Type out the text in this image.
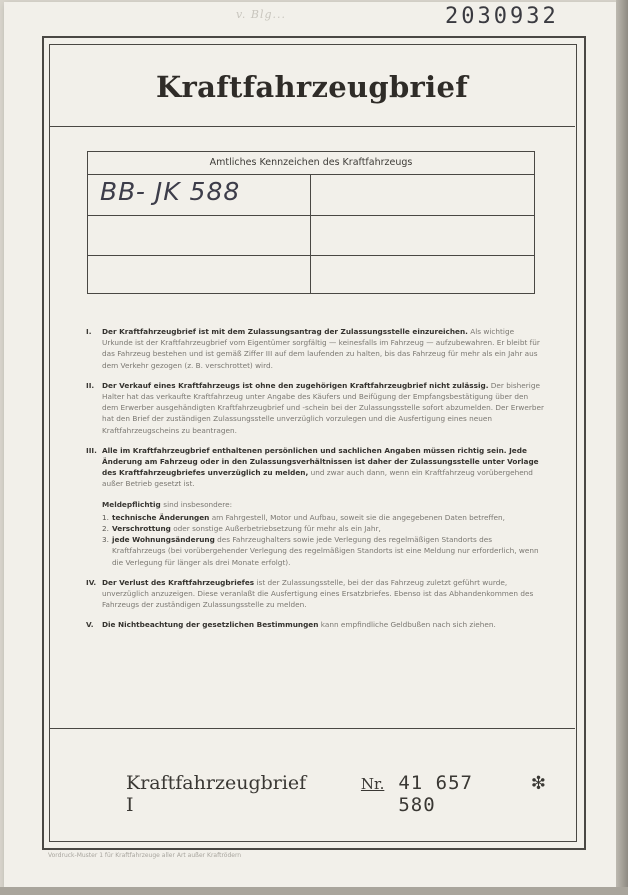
v. Blg...	2030932
Kraftfahrzeugbrief
Amtliches Kennzeichen des Kraftfahrzeugs
BB- JK 588

I. Der Kraftfahrzeugbrief ist mit dem Zulassungsantrag der Zulassungsstelle einzureichen. Als wichtige Urkunde ist der Kraftfahrzeugbrief vom Eigentümer sorgfältig — keinesfalls im Fahrzeug — aufzubewahren. Er bleibt für das Fahrzeug bestehen und ist gemäß Ziffer III auf dem laufenden zu halten, bis das Fahrzeug für mehr als ein Jahr aus dem Verkehr gezogen (z. B. verschrottet) wird.

II. Der Verkauf eines Kraftfahrzeugs ist ohne den zugehörigen Kraftfahrzeugbrief nicht zulässig. Der bisherige Halter hat das verkaufte Kraftfahrzeug unter Angabe des Käufers und Beifügung der Empfangsbestätigung über den dem Erwerber ausgehändigten Kraftfahrzeugbrief und -schein bei der Zulassungsstelle sofort abzumelden. Der Erwerber hat den Brief der zuständigen Zulassungsstelle unverzüglich vorzulegen und die Ausfertigung eines neuen Kraftfahrzeugscheins zu beantragen.

III. Alle im Kraftfahrzeugbrief enthaltenen persönlichen und sachlichen Angaben müssen richtig sein. Jede Änderung am Fahrzeug oder in den Zulassungsverhältnissen ist daher der Zulassungsstelle unter Vorlage des Kraftfahrzeugbriefes unverzüglich zu melden, und zwar auch dann, wenn ein Kraftfahrzeug vorübergehend außer Betrieb gesetzt ist.

Meldepflichtig sind insbesondere:
1. technische Änderungen am Fahrgestell, Motor und Aufbau, soweit sie die angegebenen Daten betreffen,
2. Verschrottung oder sonstige Außerbetriebsetzung für mehr als ein Jahr,
3. jede Wohnungsänderung des Fahrzeughalters sowie jede Verlegung des regelmäßigen Standorts des Kraftfahrzeugs (bei vorübergehender Verlegung des regelmäßigen Standorts ist eine Meldung nur erforderlich, wenn die Verlegung für länger als drei Monate erfolgt).

IV. Der Verlust des Kraftfahrzeugbriefes ist der Zulassungsstelle, bei der das Fahrzeug zuletzt geführt wurde, unverzüglich anzuzeigen. Diese veranlaßt die Ausfertigung eines Ersatzbriefes. Ebenso ist das Abhandenkommen des Fahrzeugs der zuständigen Zulassungsstelle zu melden.

V. Die Nichtbeachtung der gesetzlichen Bestimmungen kann empfindliche Geldbußen nach sich ziehen.

Kraftfahrzeugbrief I
Nr. 41 657 580
❇
Vordruck-Muster 1 für Kraftfahrzeuge aller Art außer Kraftrödern
